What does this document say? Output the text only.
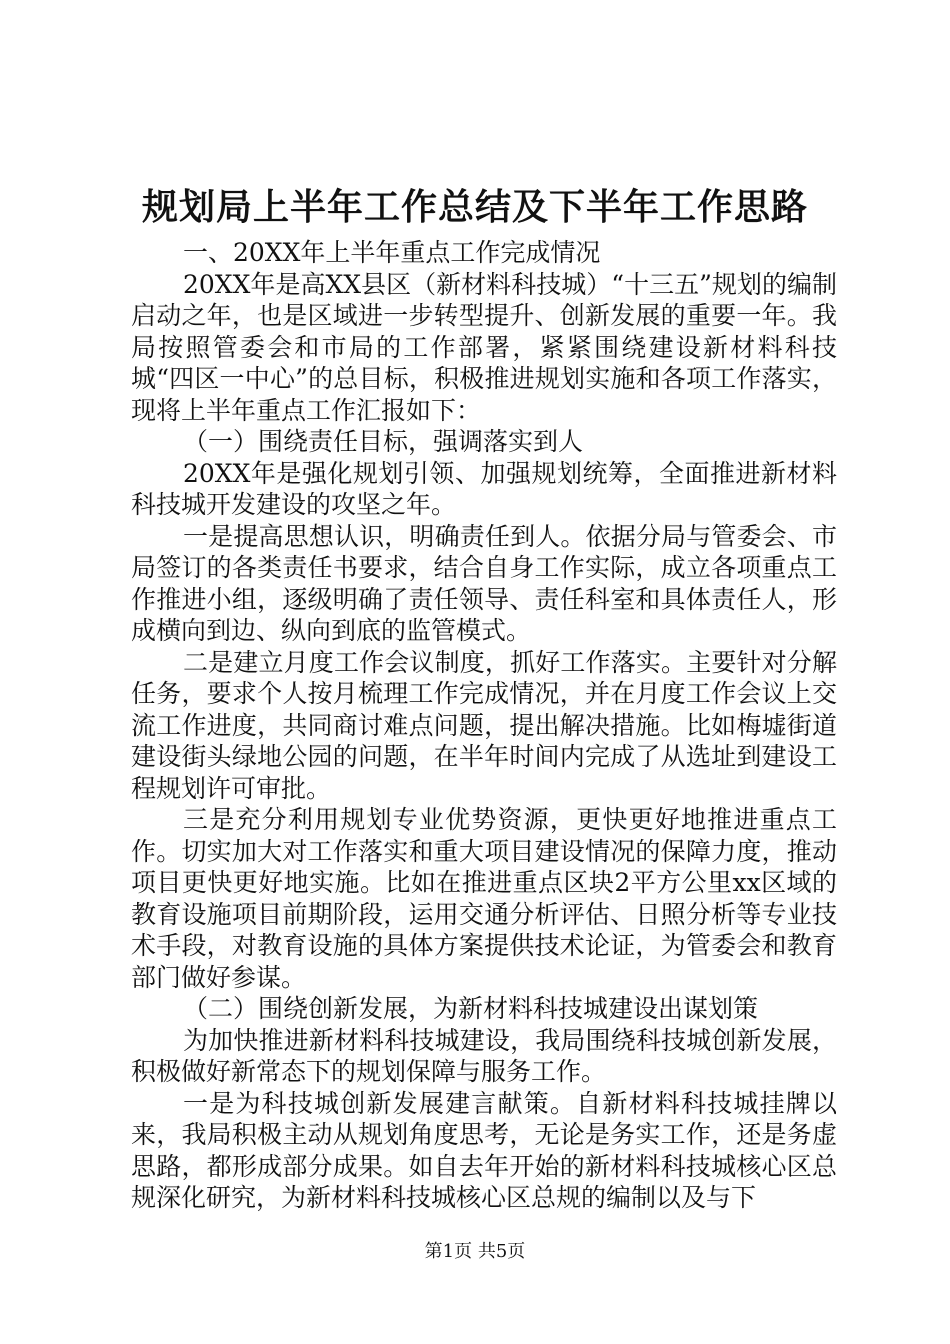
规划局上半年工作总结及下半年工作思路

一、20XX年上半年重点工作完成情况

20XX年是高XX县区（新材料科技城）“十三五”规划的编制启动之年，也是区域进一步转型提升、创新发展的重要一年。我局按照管委会和市局的工作部署，紧紧围绕建设新材料科技城“四区一中心”的总目标，积极推进规划实施和各项工作落实，现将上半年重点工作汇报如下：

（一）围绕责任目标，强调落实到人

20XX年是强化规划引领、加强规划统筹，全面推进新材料科技城开发建设的攻坚之年。

一是提高思想认识，明确责任到人。依据分局与管委会、市局签订的各类责任书要求，结合自身工作实际，成立各项重点工作推进小组，逐级明确了责任领导、责任科室和具体责任人，形成横向到边、纵向到底的监管模式。

二是建立月度工作会议制度，抓好工作落实。主要针对分解任务，要求个人按月梳理工作完成情况，并在月度工作会议上交流工作进度，共同商讨难点问题，提出解决措施。比如梅墟街道建设街头绿地公园的问题，在半年时间内完成了从选址到建设工程规划许可审批。

三是充分利用规划专业优势资源，更快更好地推进重点工作。切实加大对工作落实和重大项目建设情况的保障力度，推动项目更快更好地实施。比如在推进重点区块2平方公里xx区域的教育设施项目前期阶段，运用交通分析评估、日照分析等专业技术手段，对教育设施的具体方案提供技术论证，为管委会和教育部门做好参谋。

（二）围绕创新发展，为新材料科技城建设出谋划策

为加快推进新材料科技城建设，我局围绕科技城创新发展，积极做好新常态下的规划保障与服务工作。

一是为科技城创新发展建言献策。自新材料科技城挂牌以来，我局积极主动从规划角度思考，无论是务实工作，还是务虚思路，都形成部分成果。如自去年开始的新材料科技城核心区总规深化研究，为新材料科技城核心区总规的编制以及与下

第1页 共5页
